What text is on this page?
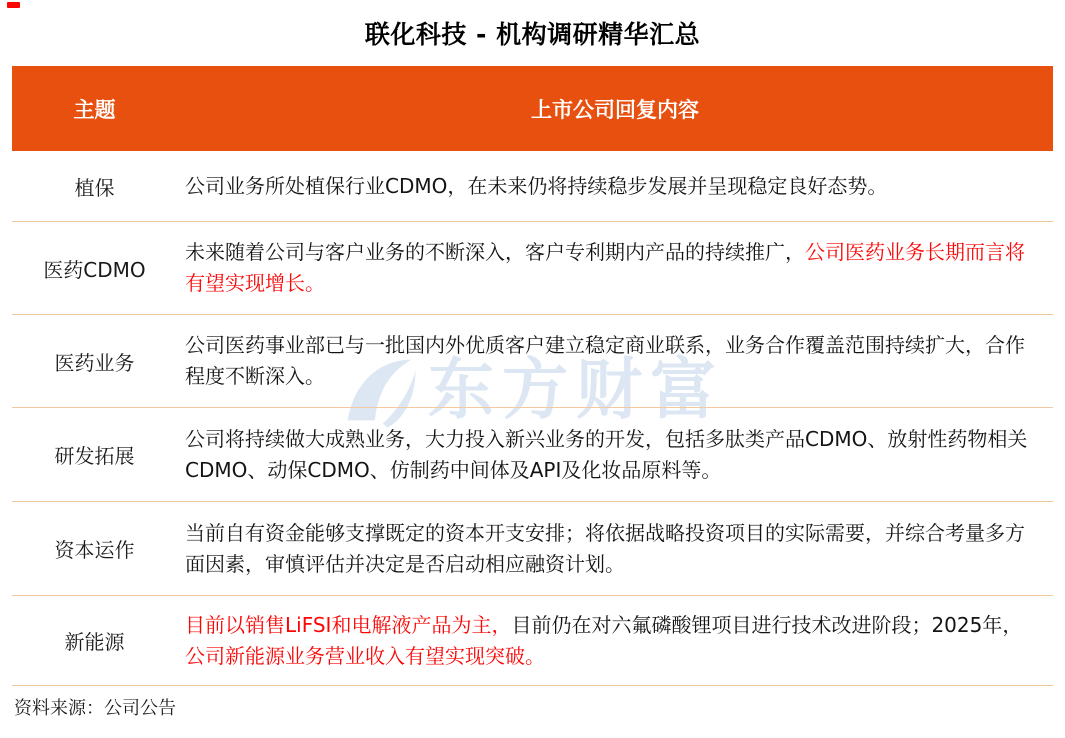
联化科技 - 机构调研精华汇总
东方财富
主题	上市公司回复内容
植保	公司业务所处植保行业CDMO，在未来仍将持续稳步发展并呈现稳定良好态势。
医药CDMO
未来随着公司与客户业务的不断深入，客户专利期内产品的持续推广，公司医药业务长期而言将有望实现增长。
医药业务
公司医药事业部已与一批国内外优质客户建立稳定商业联系，业务合作覆盖范围持续扩大，合作程度不断深入。
研发拓展
公司将持续做大成熟业务，大力投入新兴业务的开发，包括多肽类产品CDMO、放射性药物相关CDMO、动保CDMO、仿制药中间体及API及化妆品原料等。
资本运作
当前自有资金能够支撑既定的资本开支安排；将依据战略投资项目的实际需要，并综合考量多方面因素，审慎评估并决定是否启动相应融资计划。
新能源
目前以销售LiFSI和电解液产品为主，目前仍在对六氟磷酸锂项目进行技术改进阶段；2025年，公司新能源业务营业收入有望实现突破。
资料来源：公司公告
